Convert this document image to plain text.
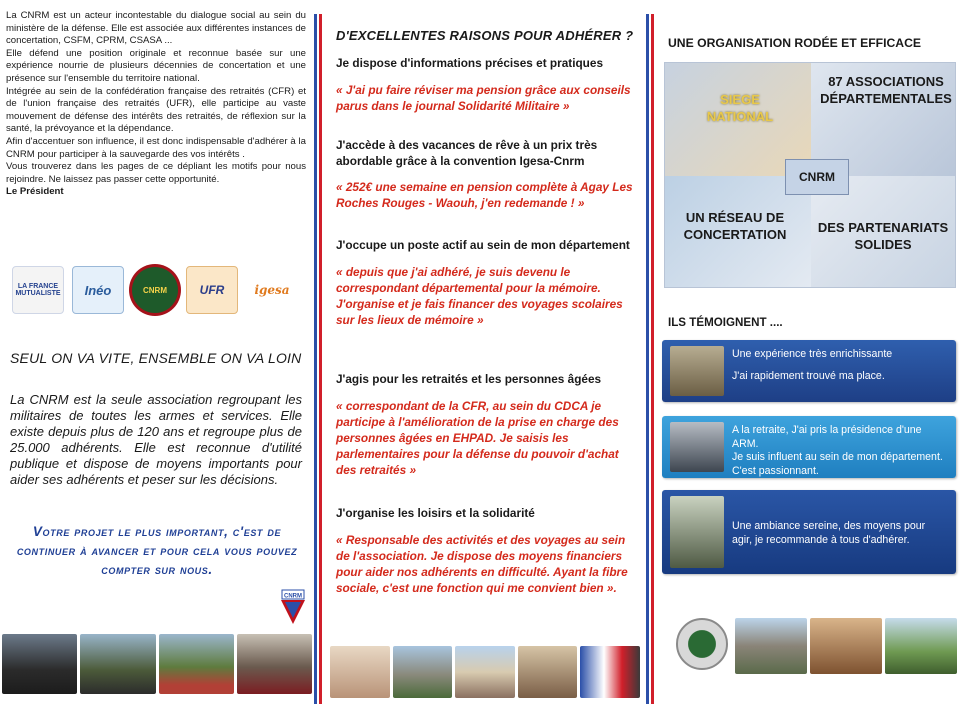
La CNRM est un acteur incontestable du dialogue social au sein du ministère de la défense. Elle est associée aux différentes instances de concertation, CSFM, CPRM, CSASA ...

Elle défend une position originale et reconnue basée sur une expérience nourrie de plusieurs décennies de concertation et une présence sur l'ensemble du territoire national.

Intégrée au sein de la confédération française des retraités (CFR) et de l'union française des retraités (UFR), elle participe au vaste mouvement de défense des intérêts des retraités, de réflexion sur la santé, la prévoyance et la dépendance.

Afin d'accentuer son influence, il est donc indispensable d'adhérer à la CNRM pour participer à la sauvegarde des vos intérêts .

Vous trouverez dans les pages de ce dépliant les motifs pour nous rejoindre. Ne laissez pas passer cette opportunité.

Le Président

LA FRANCE MUTUALISTE	Inéo	CNRM	UFR	igesa
SEUL ON VA VITE, ENSEMBLE ON VA LOIN
La CNRM est la seule association regroupant les militaires de toutes les armes et services. Elle existe depuis plus de 120 ans et regroupe plus de 25.000 adhérents. Elle est reconnue d'utilité publique et dispose de moyens importants pour aider ses adhérents et peser sur les décisions.
Votre projet le plus important, c'est de continuer à avancer et pour cela vous pouvez compter sur nous.
CNRM
D'EXCELLENTES RAISONS POUR ADHÉRER ?
Je dispose d'informations précises et pratiques

« J'ai pu faire réviser ma pension grâce aux conseils parus dans le journal Solidarité Militaire »

J'accède à des vacances de rêve à un prix très abordable grâce à la convention Igesa-Cnrm

« 252€ une semaine en pension complète à Agay Les Roches Rouges - Waouh, j'en redemande ! »

J'occupe un poste actif au sein de mon département

« depuis que j'ai adhéré, je suis devenu le correspondant départemental pour la mémoire. J'organise et je fais financer des voyages scolaires sur les lieux de mémoire »

J'agis pour les retraités et les personnes âgées

« correspondant de la CFR, au sein du CDCA je participe à l'amélioration de la prise en charge des personnes âgées en EHPAD. Je saisis les parlementaires pour la défense du pouvoir d'achat des retraités »

J'organise les loisirs et la solidarité

« Responsable des activités et des voyages au sein de l'association. Je dispose des moyens financiers pour aider nos adhérents en difficulté. Ayant la fibre sociale, c'est une fonction qui me convient bien ».

UNE ORGANISATION RODÉE ET EFFICACE
SIEGE NATIONAL
87 ASSOCIATIONS DÉPARTEMENTALES
CNRM
UN RÉSEAU DE CONCERTATION	DES PARTENARIATS SOLIDES
ILS TÉMOIGNENT ....

Une expérience très enrichissante

J'ai rapidement trouvé ma place.

A la retraite, J'ai pris la présidence d'une ARM.
Je suis influent au sein de mon département. C'est passionnant.
Une ambiance sereine, des moyens pour agir, je recommande à tous d'adhérer.
